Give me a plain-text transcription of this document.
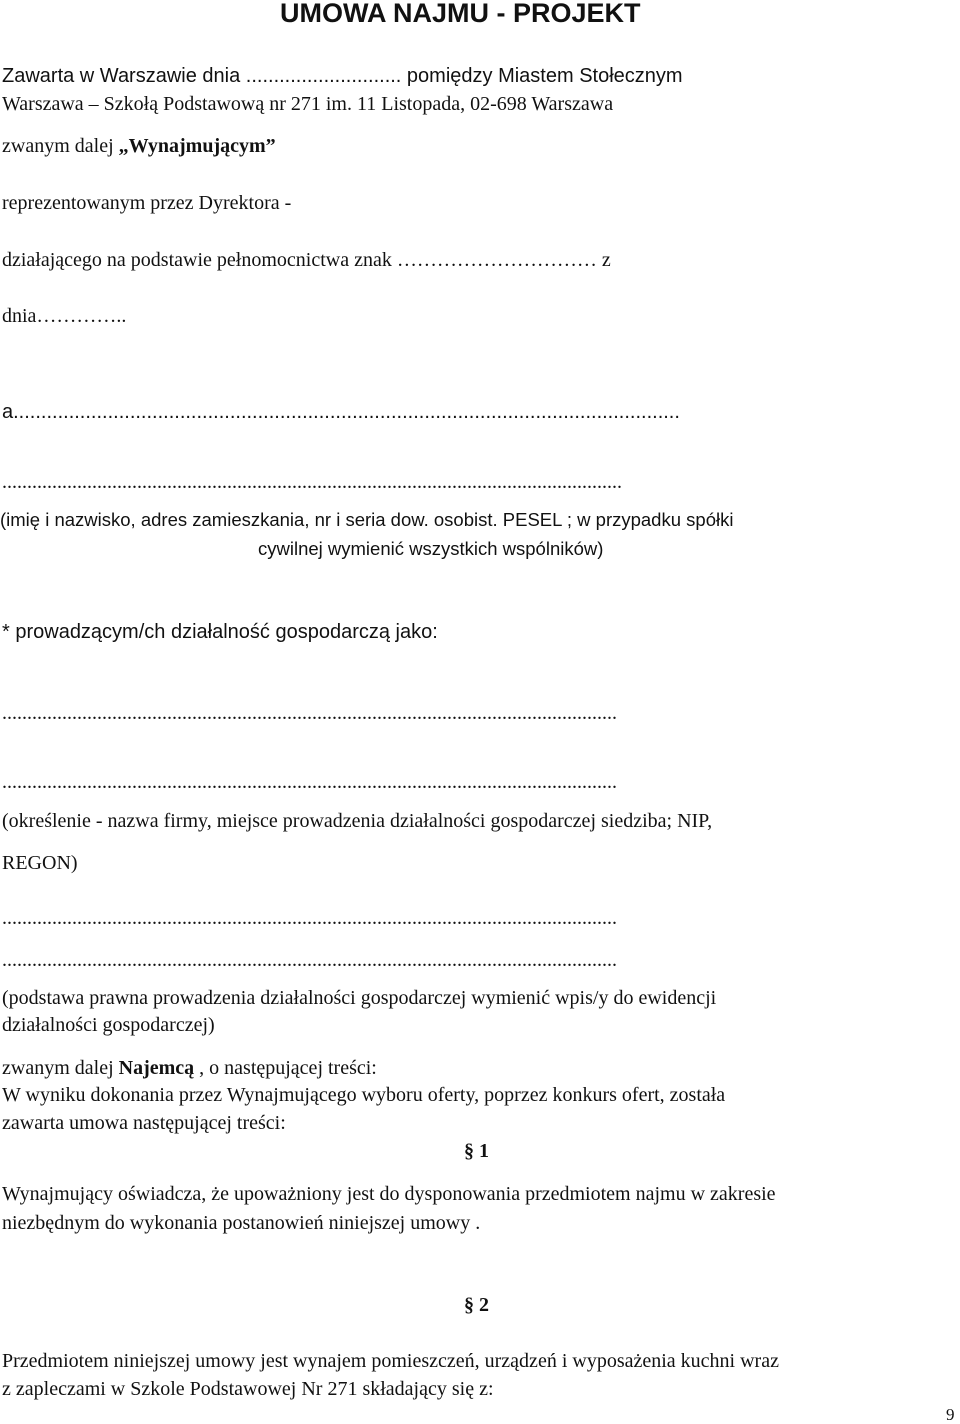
UMOWA NAJMU - PROJEKT
Zawarta w Warszawie dnia ............................ pomiędzy Miastem Stołecznym
Warszawa – Szkołą Podstawową nr 271 im. 11 Listopada, 02-698 Warszawa
zwanym dalej „Wynajmującym”
reprezentowanym przez Dyrektora -
działającego na podstawie pełnomocnictwa znak ………………………… z
dnia…………..
a........................................................................................................................
............................................................................................................................
(imię i nazwisko, adres zamieszkania, nr i seria dow. osobist. PESEL ; w przypadku spółki
cywilnej wymienić wszystkich wspólników)
* prowadzącym/ch działalność gospodarczą jako:
...........................................................................................................................
...........................................................................................................................
(określenie - nazwa firmy, miejsce prowadzenia działalności gospodarczej siedziba; NIP,
REGON)
...........................................................................................................................
...........................................................................................................................
(podstawa prawna prowadzenia działalności gospodarczej wymienić wpis/y do ewidencji
działalności gospodarczej)
zwanym dalej Najemcą , o następującej treści:
W wyniku dokonania przez Wynajmującego wyboru oferty, poprzez konkurs ofert, została
zawarta umowa następującej treści:
§ 1
Wynajmujący oświadcza, że upoważniony jest do dysponowania przedmiotem najmu w zakresie
niezbędnym do wykonania postanowień niniejszej umowy .
§ 2
Przedmiotem niniejszej umowy jest wynajem pomieszczeń, urządzeń i wyposażenia kuchni wraz
z zapleczami w Szkole Podstawowej Nr 271 składający się z:
9
